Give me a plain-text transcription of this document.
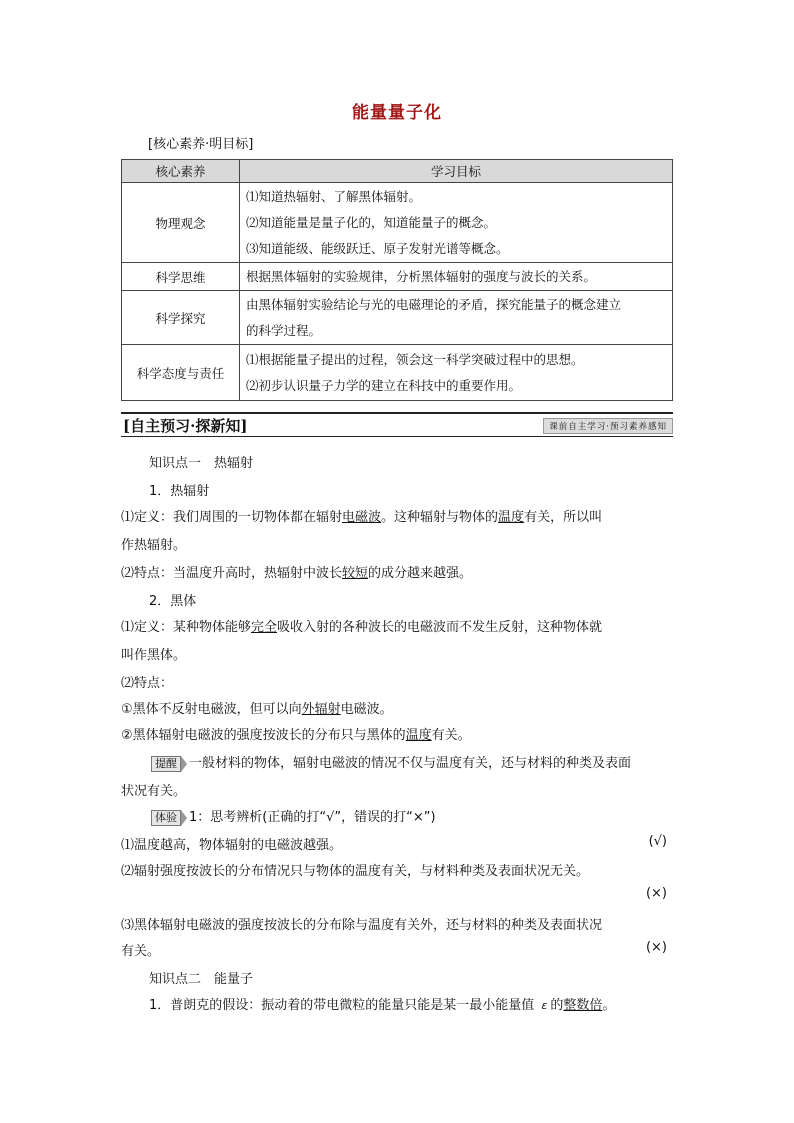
能量量子化
[核心素养·明目标]
核心素养	学习目标
物理观念	⑴知道热辐射、了解黑体辐射。
⑵知道能量是量子化的，知道能量子的概念。
⑶知道能级、能级跃迁、原子发射光谱等概念。

科学思维	根据黑体辐射的实验规律，分析黑体辐射的强度与波长的关系。

科学探究	由黑体辐射实验结论与光的电磁理论的矛盾，探究能量子的概念建立
的科学过程。

科学态度与责任	⑴根据能量子提出的过程，领会这一科学突破过程中的思想。
⑵初步认识量子力学的建立在科技中的重要作用。
[自主预习·探新知]	课前自主学习·预习素养感知
知识点一　热辐射
1．热辐射
⑴定义：我们周围的一切物体都在辐射电磁波。这种辐射与物体的温度有关，所以叫
作热辐射。
⑵特点：当温度升高时，热辐射中波长较短的成分越来越强。
2．黑体
⑴定义：某种物体能够完全吸收入射的各种波长的电磁波而不发生反射，这种物体就
叫作黑体。
⑵特点：
①黑体不反射电磁波，但可以向外辐射电磁波。
②黑体辐射电磁波的强度按波长的分布只与黑体的温度有关。
提醒 一般材料的物体，辐射电磁波的情况不仅与温度有关，还与材料的种类及表面
状况有关。
体验 1：思考辨析(正确的打“√”，错误的打“×”)
⑴温度越高，物体辐射的电磁波越强。	(√)
⑵辐射强度按波长的分布情况只与物体的温度有关，与材料种类及表面状况无关。
(×)
⑶黑体辐射电磁波的强度按波长的分布除与温度有关外，还与材料的种类及表面状况
有关。	(×)
知识点二　能量子
1．普朗克的假设：振动着的带电微粒的能量只能是某一最小能量值 ε 的整数倍。
